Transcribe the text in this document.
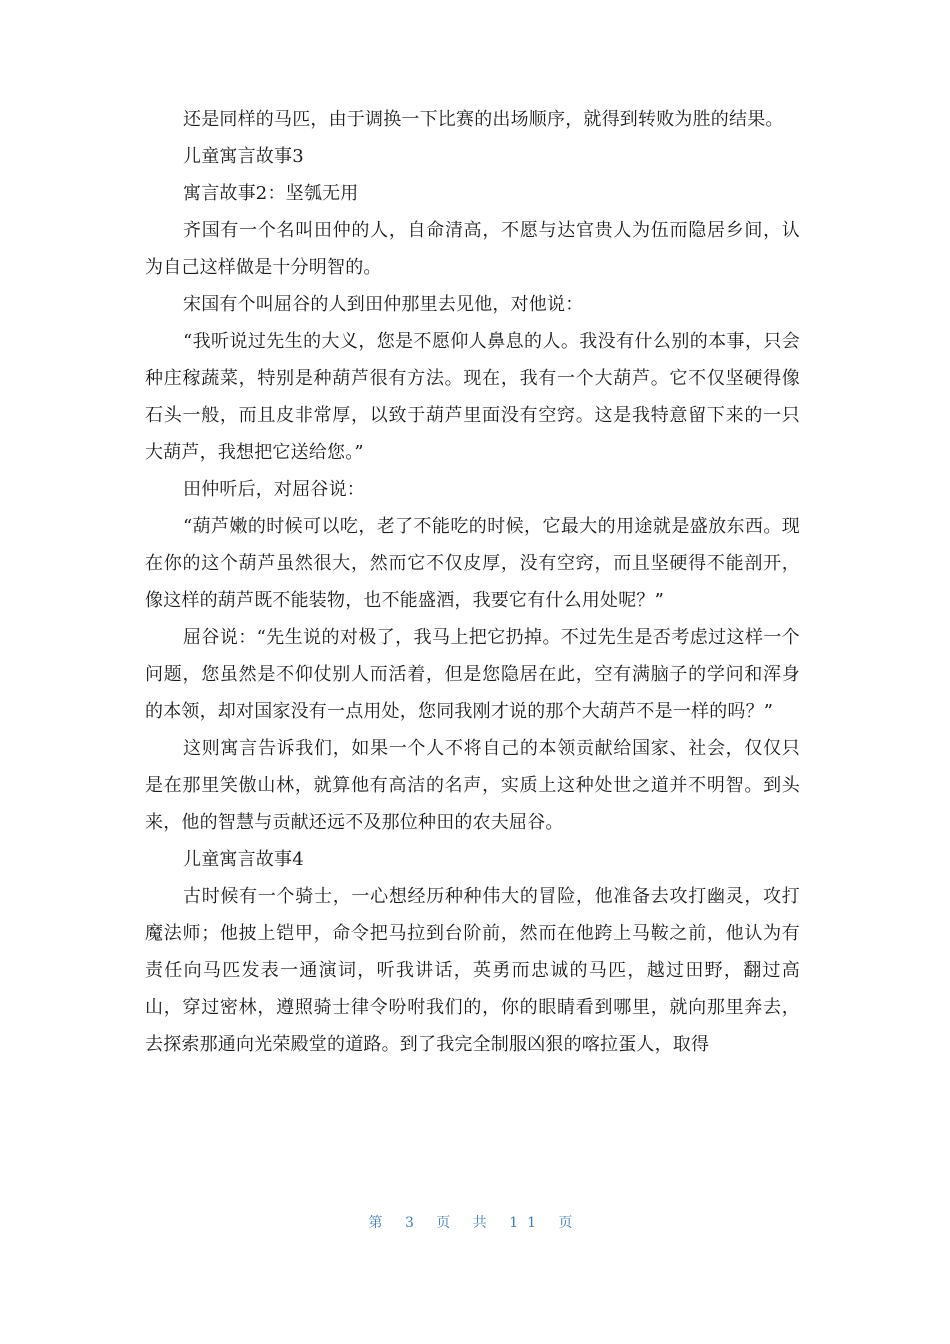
还是同样的马匹，由于调换一下比赛的出场顺序，就得到转败为胜的结果。

儿童寓言故事3

寓言故事2：坚瓠无用

齐国有一个名叫田仲的人，自命清高，不愿与达官贵人为伍而隐居乡间，认为自己这样做是十分明智的。

宋国有个叫屈谷的人到田仲那里去见他，对他说：

“我听说过先生的大义，您是不愿仰人鼻息的人。我没有什么别的本事，只会种庄稼蔬菜，特别是种葫芦很有方法。现在，我有一个大葫芦。它不仅坚硬得像石头一般，而且皮非常厚，以致于葫芦里面没有空窍。这是我特意留下来的一只大葫芦，我想把它送给您。”

田仲听后，对屈谷说：

“葫芦嫩的时候可以吃，老了不能吃的时候，它最大的用途就是盛放东西。现在你的这个葫芦虽然很大，然而它不仅皮厚，没有空窍，而且坚硬得不能剖开，像这样的葫芦既不能装物，也不能盛酒，我要它有什么用处呢？”

屈谷说：“先生说的对极了，我马上把它扔掉。不过先生是否考虑过这样一个问题，您虽然是不仰仗别人而活着，但是您隐居在此，空有满脑子的学问和浑身的本领，却对国家没有一点用处，您同我刚才说的那个大葫芦不是一样的吗？”

这则寓言告诉我们，如果一个人不将自己的本领贡献给国家、社会，仅仅只是在那里笑傲山林，就算他有高洁的名声，实质上这种处世之道并不明智。到头来，他的智慧与贡献还远不及那位种田的农夫屈谷。

儿童寓言故事4

古时候有一个骑士，一心想经历种种伟大的冒险，他准备去攻打幽灵，攻打魔法师；他披上铠甲，命令把马拉到台阶前，然而在他跨上马鞍之前，他认为有责任向马匹发表一通演词，听我讲话，英勇而忠诚的马匹，越过田野，翻过高山，穿过密林，遵照骑士律令吩咐我们的，你的眼睛看到哪里，就向那里奔去，去探索那通向光荣殿堂的道路。到了我完全制服凶狠的喀拉蛋人，取得

第 3 页 共 11 页
